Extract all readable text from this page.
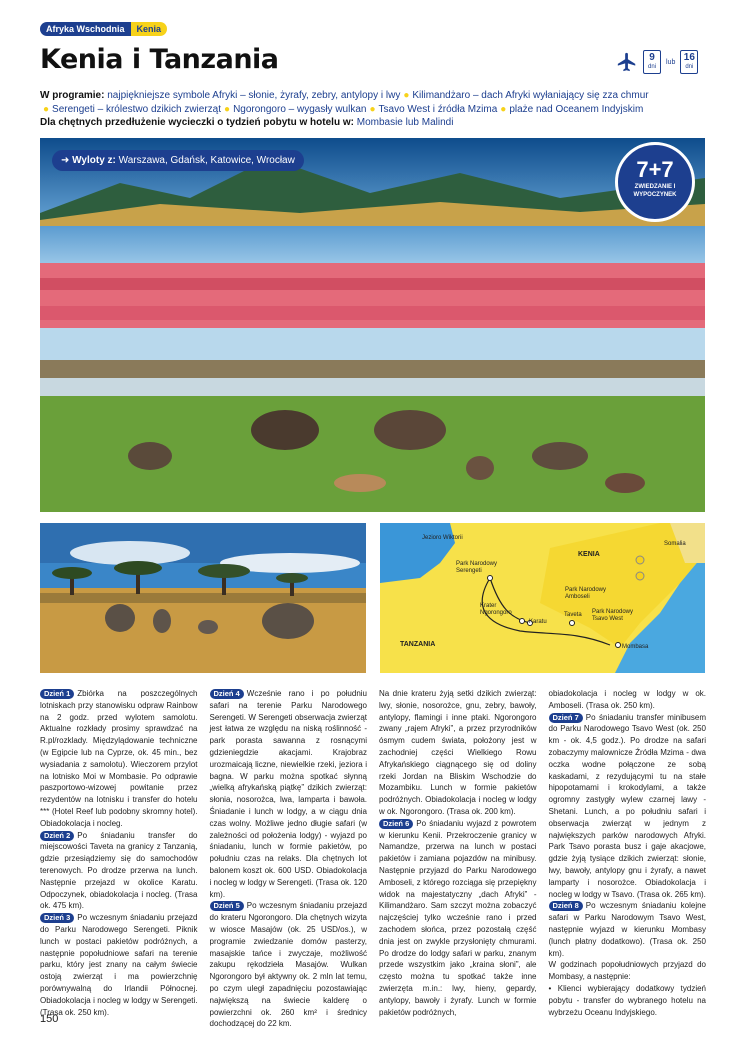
Afryka Wschodnia	Kenia
Kenia i Tanzania	9
dni
lub 16
dni
W programie: najpiękniejsze symbole Afryki – słonie, żyrafy, zebry, antylopy i lwy ● Kilimandżaro – dach Afryki wyłaniający się zza chmur
● Serengeti – królestwo dzikich zwierząt ● Ngorongoro – wygasły wulkan ● Tsavo West i źródła Mzima ● plaże nad Oceanem Indyjskim
Dla chętnych przedłużenie wycieczki o tydzień pobytu w hotelu w: Mombasie lub Malindi
➜ Wyloty z: Warszawa, Gdańsk, Katowice, Wrocław	7+7
ZWIEDZANIE I WYPOCZYNEK
Jezioro Wiktorii
KENIA
TANZANIA
Park Narodowy Serengeti
Park Narodowy Amboseli
Krater Ngorongoro
Karatu
Taveta Park Narodowy Tsavo West
Mombasa
Somalia

Dzień 1 Zbiórka na poszczególnych lotniskach przy stanowisku odpraw Rainbow na 2 godz. przed wylotem samolotu. Aktualne rozkłady prosimy sprawdzać na R.pl/rozklady. Międzylądowanie techniczne (w Egipcie lub na Cyprze, ok. 45 min., bez wysiadania z samolotu). Wieczorem przylot na lotnisko Moi w Mombasie. Po odprawie paszportowo-wizowej powitanie przez rezydentów na lotnisku i transfer do hotelu *** (Hotel Reef lub podobny skromny hotel). Obiadokolacja i nocleg.

Dzień 2 Po śniadaniu transfer do miejscowości Taveta na granicy z Tanzanią, gdzie przesiądziemy się do samochodów terenowych. Po drodze przerwa na lunch. Następnie przejazd w okolice Karatu. Odpoczynek, obiadokolacja i nocleg. (Trasa ok. 475 km).

Dzień 3 Po wczesnym śniadaniu przejazd do Parku Narodowego Serengeti. Piknik lunch w postaci pakietów podróżnych, a następnie popołudniowe safari na terenie parku, który jest znany na całym świecie ostoją zwierząt i ma powierzchnię porównywalną do Irlandii Północnej. Obiadokolacja i nocleg w lodgy w Serengeti. (Trasa ok. 250 km).

Dzień 4 Wcześnie rano i po południu safari na terenie Parku Narodowego Serengeti. W Serengeti obserwacja zwierząt jest łatwa ze względu na niską roślinność - park porasta sawanna z rosnącymi gdzieniegdzie akacjami. Krajobraz urozmaicają liczne, niewielkie rzeki, jeziora i bagna. W parku można spotkać słynną „wielką afrykańską piątkę” dzikich zwierząt: słonia, nosorożca, lwa, lamparta i bawoła. Śniadanie i lunch w lodgy, a w ciągu dnia czas wolny. Możliwe jedno długie safari (w zależności od położenia lodgy) - wyjazd po śniadaniu, lunch w formie pakietów, po południu czas na relaks. Dla chętnych lot balonem koszt ok. 600 USD. Obiadokolacja i nocleg w lodgy w Serengeti. (Trasa ok. 120 km).

Dzień 5 Po wczesnym śniadaniu przejazd do krateru Ngorongoro. Dla chętnych wizyta w wiosce Masajów (ok. 25 USD/os.), w programie zwiedzanie domów pasterzy, masajskie tańce i zwyczaje, możliwość zakupu rękodzieła Masajów. Wulkan Ngorongoro był aktywny ok. 2 mln lat temu, po czym uległ zapadnięciu pozostawiając największą na świecie kalderę o powierzchni ok. 260 km² i średnicy dochodzącej do 22 km.

Na dnie krateru żyją setki dzikich zwierząt: lwy, słonie, nosorożce, gnu, zebry, bawoły, antylopy, flamingi i inne ptaki. Ngorongoro zwany „rajem Afryki”, a przez przyrodników ósmym cudem świata, położony jest w zachodniej części Wielkiego Rowu Afrykańskiego ciągnącego się od doliny rzeki Jordan na Bliskim Wschodzie do Mozambiku. Lunch w formie pakietów podróżnych. Obiadokolacja i nocleg w lodgy w ok. Ngorongoro. (Trasa ok. 200 km).

Dzień 6 Po śniadaniu wyjazd z powrotem w kierunku Kenii. Przekroczenie granicy w Namandze, przerwa na lunch w postaci pakietów i zamiana pojazdów na minibusy. Następnie przyjazd do Parku Narodowego Amboseli, z którego rozciąga się przepiękny widok na majestatyczny „dach Afryki” - Kilimandżaro. Sam szczyt można zobaczyć najczęściej tylko wcześnie rano i przed zachodem słońca, przez pozostałą część dnia jest on zwykle przysłonięty chmurami. Po drodze do lodgy safari w parku, znanym przede wszystkim jako „kraina słoni”, ale często można tu spotkać także inne zwierzęta m.in.: lwy, hieny, gepardy, antylopy, bawoły i żyrafy. Lunch w formie pakietów podróżnych,

obiadokolacja i nocleg w lodgy w ok. Amboseli. (Trasa ok. 250 km).

Dzień 7 Po śniadaniu transfer minibusem do Parku Narodowego Tsavo West (ok. 250 km - ok. 4,5 godz.). Po drodze na safari zobaczymy malownicze Źródła Mzima - dwa oczka wodne połączone ze sobą kaskadami, z rezydującymi tu na stałe hipopotamami i krokodylami, a także ogromny zastygły wylew czarnej lawy - Shetani. Lunch, a po południu safari i obserwacja zwierząt w jednym z największych parków narodowych Afryki. Park Tsavo porasta busz i gaje akacjowe, gdzie żyją tysiące dzikich zwierząt: słonie, lwy, bawoły, antylopy gnu i żyrafy, a nawet lamparty i nosorożce. Obiadokolacja i nocleg w lodgy w Tsavo. (Trasa ok. 265 km).

Dzień 8 Po wczesnym śniadaniu kolejne safari w Parku Narodowym Tsavo West, następnie wyjazd w kierunku Mombasy (lunch płatny dodatkowo). (Trasa ok. 250 km).

W godzinach popołudniowych przyjazd do Mombasy, a następnie:

• Klienci wybierający dodatkowy tydzień pobytu - transfer do wybranego hotelu na wybrzeżu Oceanu Indyjskiego.

150
